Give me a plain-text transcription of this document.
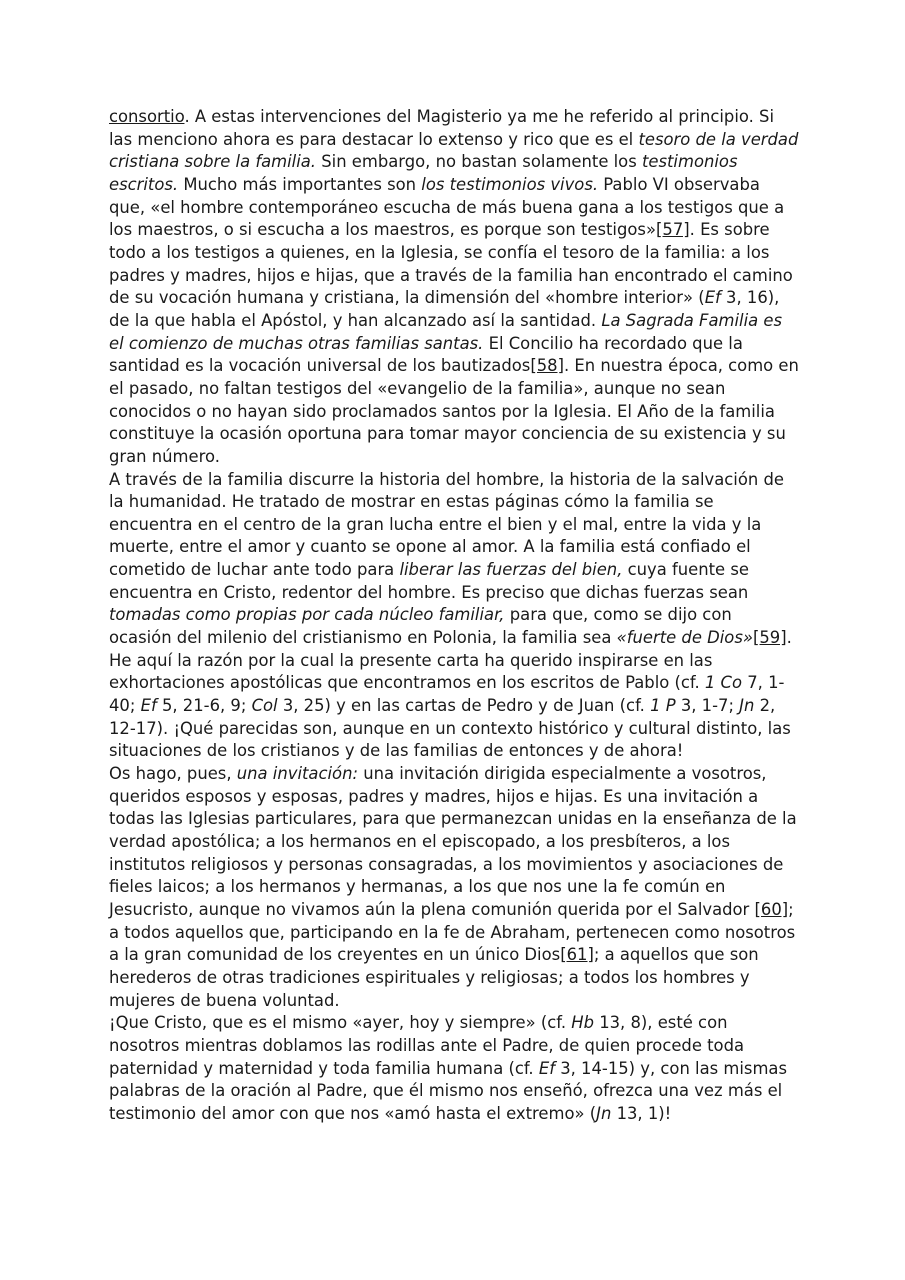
consortio. A estas intervenciones del Magisterio ya me he referido al principio. Si las menciono ahora es para destacar lo extenso y rico que es el tesoro de la verdad cristiana sobre la familia. Sin embargo, no bastan solamente los testimonios escritos. Mucho más importantes son los testimonios vivos. Pablo VI observaba que, «el hombre contemporáneo escucha de más buena gana a los testigos que a los maestros, o si escucha a los maestros, es porque son testigos»[57]. Es sobre todo a los testigos a quienes, en la Iglesia, se confía el tesoro de la familia: a los padres y madres, hijos e hijas, que a través de la familia han encontrado el camino de su vocación humana y cristiana, la dimensión del «hombre interior» (Ef 3, 16), de la que habla el Apóstol, y han alcanzado así la santidad. La Sagrada Familia es el comienzo de muchas otras familias santas. El Concilio ha recordado que la santidad es la vocación universal de los bautizados[58]. En nuestra época, como en el pasado, no faltan testigos del «evangelio de la familia», aunque no sean conocidos o no hayan sido proclamados santos por la Iglesia. El Año de la familia constituye la ocasión oportuna para tomar mayor conciencia de su existencia y su gran número.

A través de la familia discurre la historia del hombre, la historia de la salvación de la humanidad. He tratado de mostrar en estas páginas cómo la familia se encuentra en el centro de la gran lucha entre el bien y el mal, entre la vida y la muerte, entre el amor y cuanto se opone al amor. A la familia está confiado el cometido de luchar ante todo para liberar las fuerzas del bien, cuya fuente se encuentra en Cristo, redentor del hombre. Es preciso que dichas fuerzas sean tomadas como propias por cada núcleo familiar, para que, como se dijo con ocasión del milenio del cristianismo en Polonia, la familia sea «fuerte de Dios»[59]. He aquí la razón por la cual la presente carta ha querido inspirarse en las exhortaciones apostólicas que encontramos en los escritos de Pablo (cf. 1 Co 7, 1-40; Ef 5, 21-6, 9; Col 3, 25) y en las cartas de Pedro y de Juan (cf. 1 P 3, 1-7; Jn 2, 12-17). ¡Qué parecidas son, aunque en un contexto histórico y cultural distinto, las situaciones de los cristianos y de las familias de entonces y de ahora!

Os hago, pues, una invitación: una invitación dirigida especialmente a vosotros, queridos esposos y esposas, padres y madres, hijos e hijas. Es una invitación a todas las Iglesias particulares, para que permanezcan unidas en la enseñanza de la verdad apostólica; a los hermanos en el episcopado, a los presbíteros, a los institutos religiosos y personas consagradas, a los movimientos y asociaciones de fieles laicos; a los hermanos y hermanas, a los que nos une la fe común en Jesucristo, aunque no vivamos aún la plena comunión querida por el Salvador [60]; a todos aquellos que, participando en la fe de Abraham, pertenecen como nosotros a la gran comunidad de los creyentes en un único Dios[61]; a aquellos que son herederos de otras tradiciones espirituales y religiosas; a todos los hombres y mujeres de buena voluntad.

¡Que Cristo, que es el mismo «ayer, hoy y siempre» (cf. Hb 13, 8), esté con nosotros mientras doblamos las rodillas ante el Padre, de quien procede toda paternidad y maternidad y toda familia humana (cf. Ef 3, 14-15) y, con las mismas palabras de la oración al Padre, que él mismo nos enseñó, ofrezca una vez más el testimonio del amor con que nos «amó hasta el extremo» (Jn 13, 1)!
